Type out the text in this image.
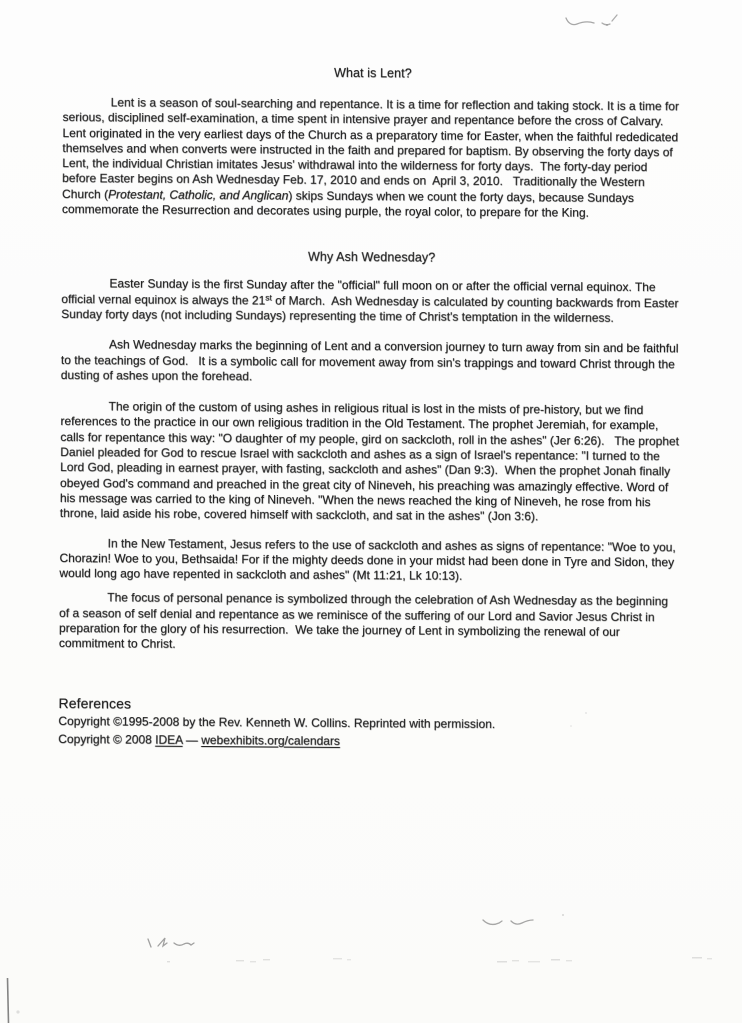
What is Lent?

Lent is a season of soul-searching and repentance. It is a time for reflection and taking stock. It is a time for serious, disciplined self-examination, a time spent in intensive prayer and repentance before the cross of Calvary.  Lent originated in the very earliest days of the Church as a preparatory time for Easter, when the faithful rededicated themselves and when converts were instructed in the faith and prepared for baptism. By observing the forty days of Lent, the individual Christian imitates Jesus' withdrawal into the wilderness for forty days.  The forty-day period before Easter begins on Ash Wednesday Feb. 17, 2010 and ends on  April 3, 2010.   Traditionally the Western Church (Protestant, Catholic, and Anglican) skips Sundays when we count the forty days, because Sundays commemorate the Resurrection and decorates using purple, the royal color, to prepare for the King.

Why Ash Wednesday?

Easter Sunday is the first Sunday after the "official" full moon on or after the official vernal equinox. The official vernal equinox is always the 21st of March.  Ash Wednesday is calculated by counting backwards from Easter Sunday forty days (not including Sundays) representing the time of Christ's temptation in the wilderness.

Ash Wednesday marks the beginning of Lent and a conversion journey to turn away from sin and be faithful to the teachings of God.   It is a symbolic call for movement away from sin's trappings and toward Christ through the dusting of ashes upon the forehead.

The origin of the custom of using ashes in religious ritual is lost in the mists of pre-history, but we find references to the practice in our own religious tradition in the Old Testament. The prophet Jeremiah, for example, calls for repentance this way: "O daughter of my people, gird on sackcloth, roll in the ashes" (Jer 6:26).   The prophet Daniel pleaded for God to rescue Israel with sackcloth and ashes as a sign of Israel's repentance: "I turned to the Lord God, pleading in earnest prayer, with fasting, sackcloth and ashes" (Dan 9:3).  When the prophet Jonah finally obeyed God's command and preached in the great city of Nineveh, his preaching was amazingly effective. Word of his message was carried to the king of Nineveh. "When the news reached the king of Nineveh, he rose from his throne, laid aside his robe, covered himself with sackcloth, and sat in the ashes" (Jon 3:6).

In the New Testament, Jesus refers to the use of sackcloth and ashes as signs of repentance: "Woe to you, Chorazin! Woe to you, Bethsaida! For if the mighty deeds done in your midst had been done in Tyre and Sidon, they would long ago have repented in sackcloth and ashes" (Mt 11:21, Lk 10:13).

The focus of personal penance is symbolized through the celebration of Ash Wednesday as the beginning of a season of self denial and repentance as we reminisce of the suffering of our Lord and Savior Jesus Christ in preparation for the glory of his resurrection.  We take the journey of Lent in symbolizing the renewal of our commitment to Christ.

References
Copyright ©1995-2008 by the Rev. Kenneth W. Collins. Reprinted with permission.
Copyright © 2008 IDEA — webexhibits.org/calendars
